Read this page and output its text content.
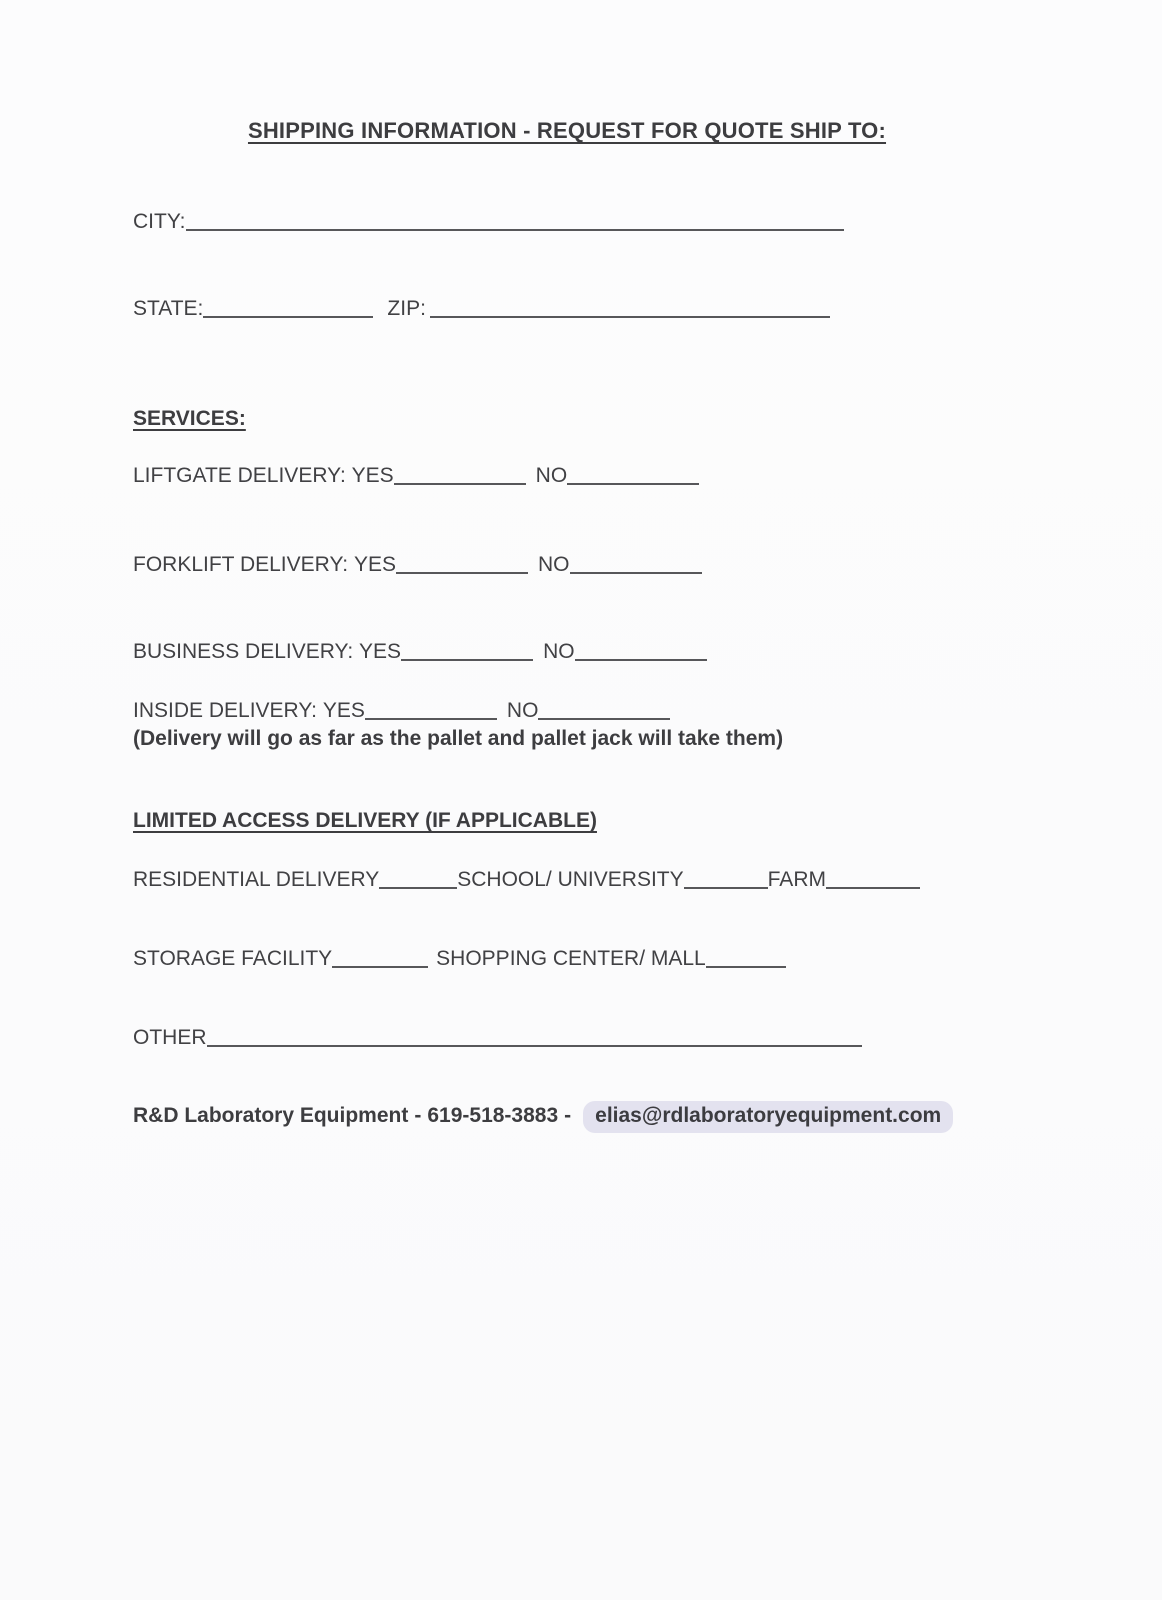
SHIPPING INFORMATION - REQUEST FOR QUOTE SHIP TO:
CITY:
STATE:	ZIP:
SERVICES:
LIFTGATE DELIVERY: YES	NO
FORKLIFT DELIVERY: YES	NO
BUSINESS DELIVERY: YES	NO
INSIDE DELIVERY: YES	NO
(Delivery will go as far as the pallet and pallet jack will take them)
LIMITED ACCESS DELIVERY (IF APPLICABLE)
RESIDENTIAL DELIVERY	SCHOOL/ UNIVERSITY	FARM
STORAGE FACILITY	SHOPPING CENTER/ MALL
OTHER
R&D Laboratory Equipment - 619-518-3883 - elias@rdlaboratoryequipment.com
